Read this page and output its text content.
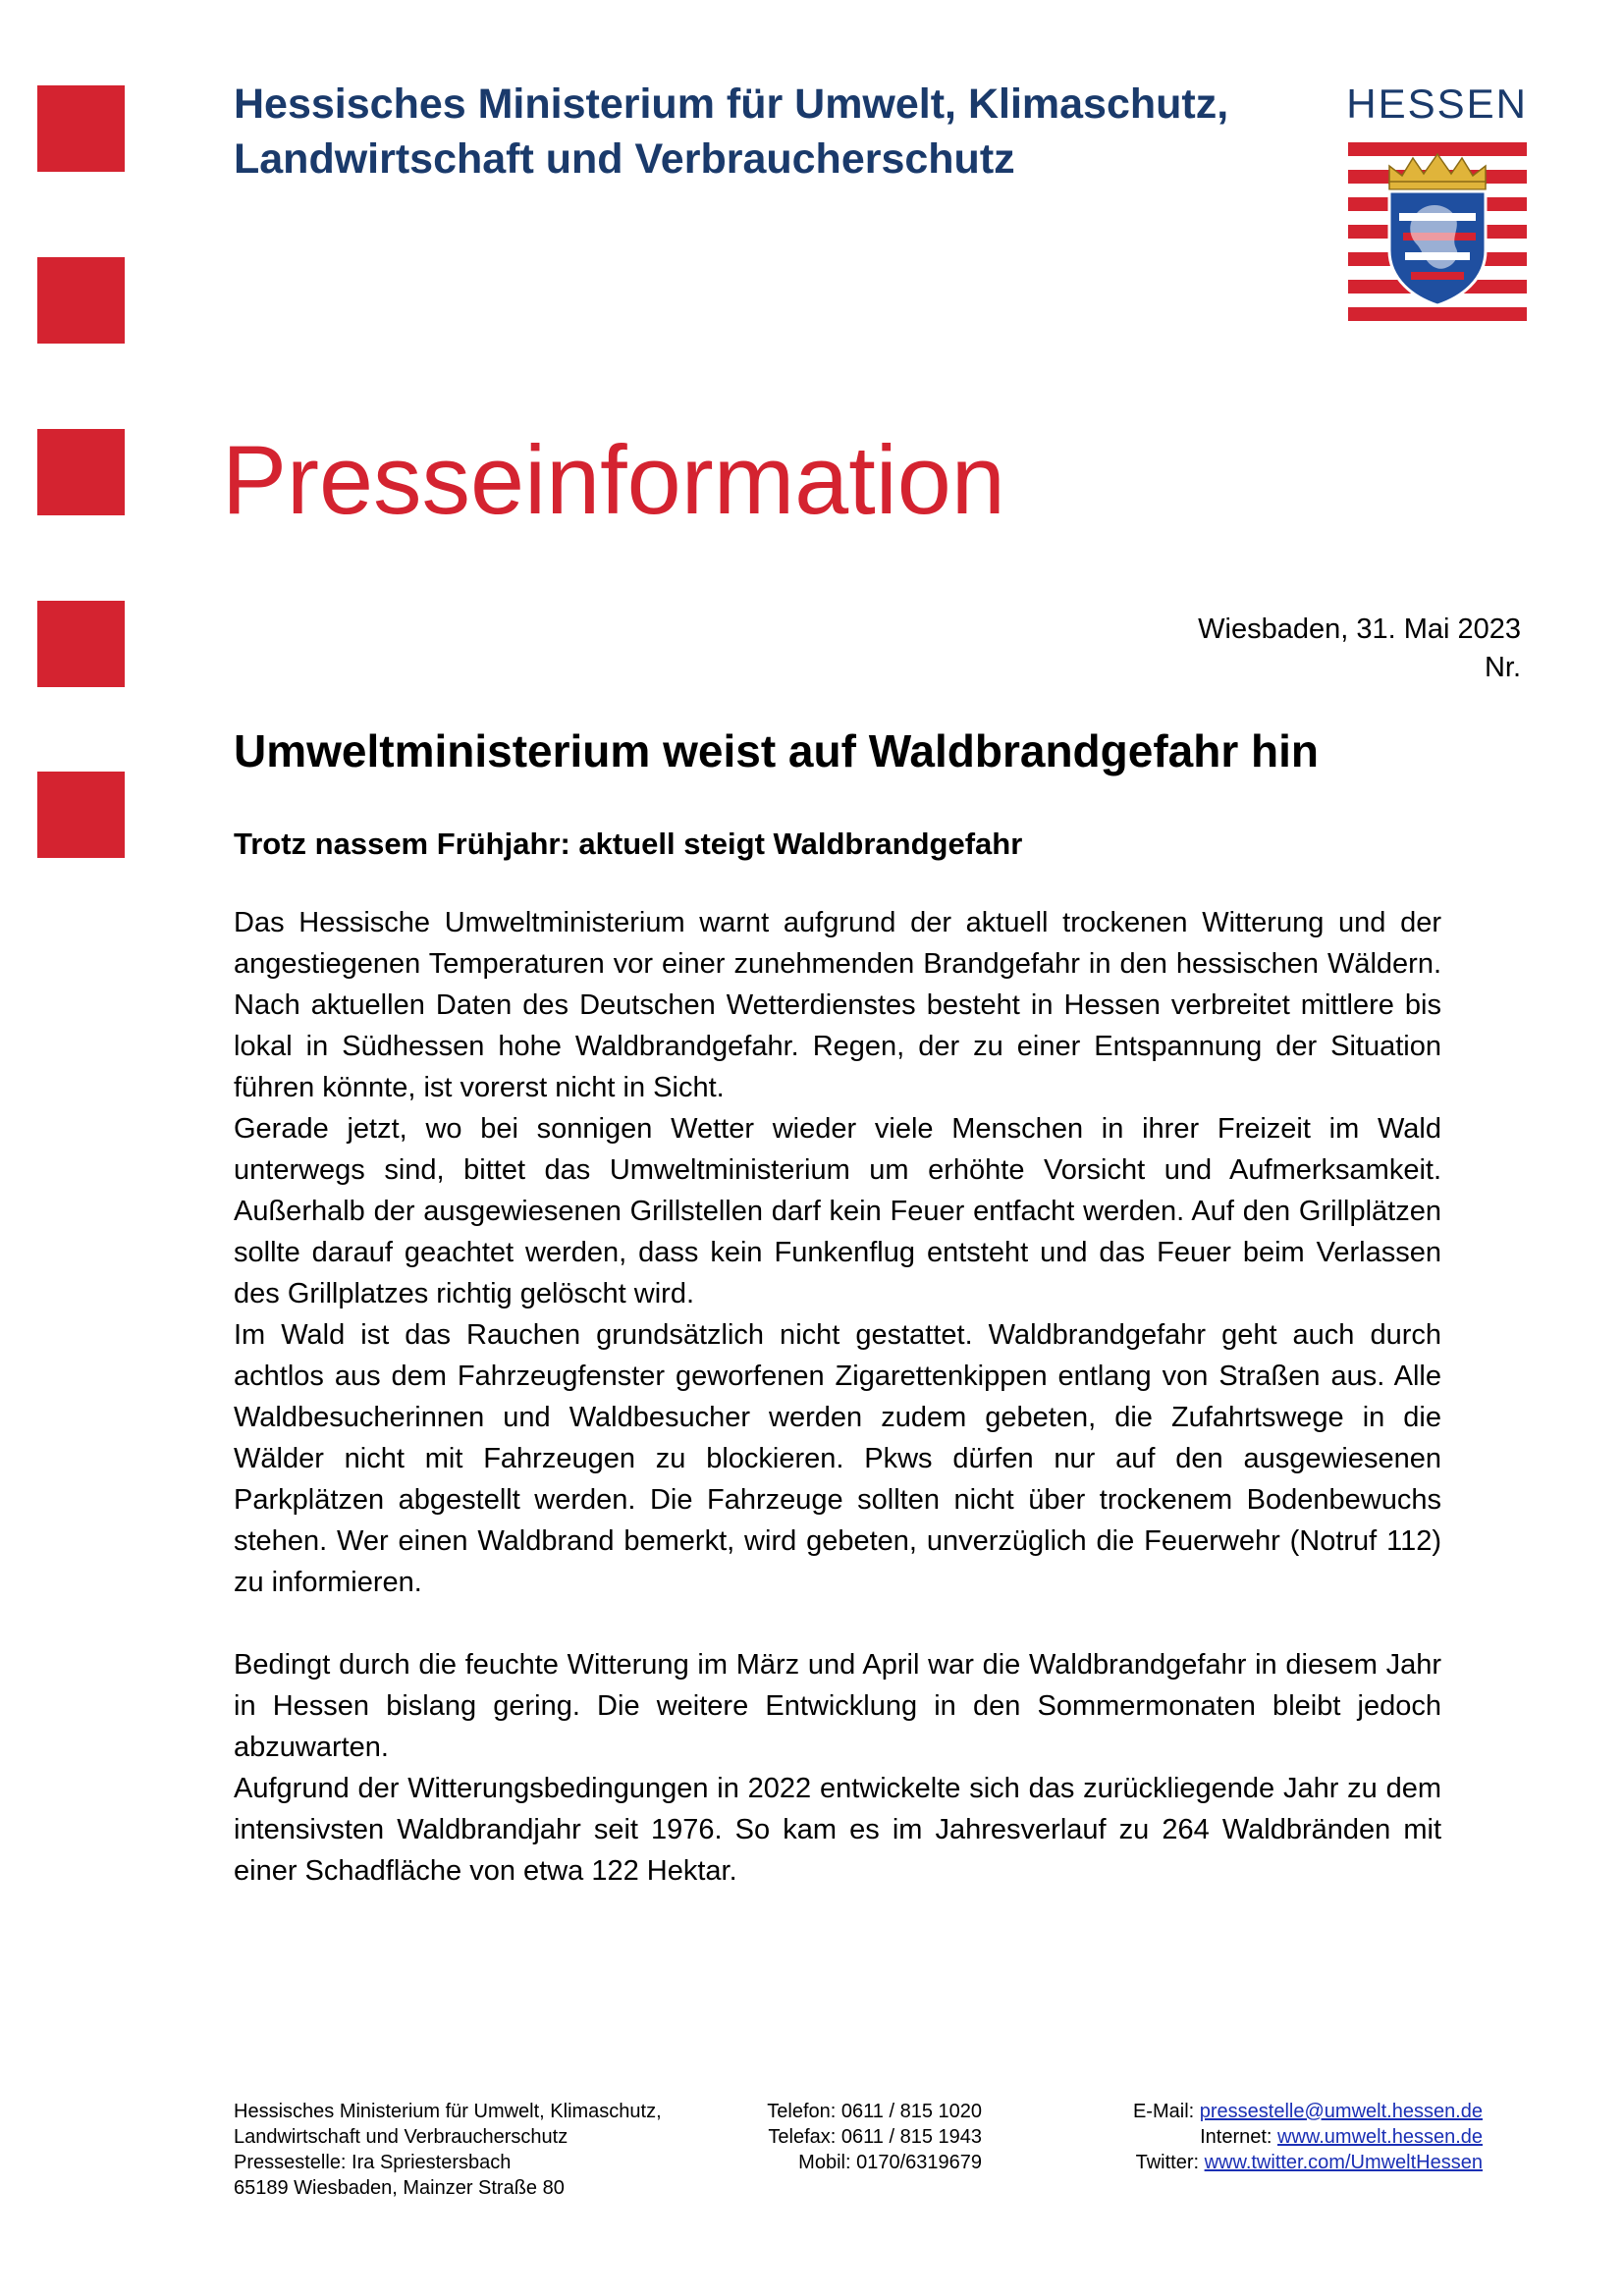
Hessisches Ministerium für Umwelt, Klimaschutz,
Landwirtschaft und Verbraucherschutz
HESSEN
Presseinformation
Wiesbaden, 31. Mai 2023
Nr.
Umweltministerium weist auf Waldbrandgefahr hin
Trotz nassem Frühjahr: aktuell steigt Waldbrandgefahr

Das Hessische Umweltministerium warnt aufgrund der aktuell trockenen Witterung und der angestiegenen Temperaturen vor einer zunehmenden Brandgefahr in den hessischen Wäldern. Nach aktuellen Daten des Deutschen Wetterdienstes besteht in Hessen verbreitet mittlere bis lokal in Südhessen hohe Waldbrandgefahr. Regen, der zu einer Entspannung der Situation führen könnte, ist vorerst nicht in Sicht.

Gerade jetzt, wo bei sonnigen Wetter wieder viele Menschen in ihrer Freizeit im Wald unterwegs sind, bittet das Umweltministerium um erhöhte Vorsicht und Aufmerksamkeit. Außerhalb der ausgewiesenen Grillstellen darf kein Feuer entfacht werden. Auf den Grillplätzen sollte darauf geachtet werden, dass kein Funkenflug entsteht und das Feuer beim Verlassen des Grillplatzes richtig gelöscht wird.

Im Wald ist das Rauchen grundsätzlich nicht gestattet. Waldbrandgefahr geht auch durch achtlos aus dem Fahrzeugfenster geworfenen Zigarettenkippen entlang von Straßen aus. Alle Waldbesucherinnen und Waldbesucher werden zudem gebeten, die Zufahrtswege in die Wälder nicht mit Fahrzeugen zu blockieren. Pkws dürfen nur auf den ausgewiesenen Parkplätzen abgestellt werden. Die Fahrzeuge sollten nicht über trockenem Bodenbewuchs stehen. Wer einen Waldbrand bemerkt, wird gebeten, unverzüglich die Feuerwehr (Notruf 112) zu informieren.

Bedingt durch die feuchte Witterung im März und April war die Waldbrandgefahr in diesem Jahr in Hessen bislang gering. Die weitere Entwicklung in den Sommermonaten bleibt jedoch abzuwarten.

Aufgrund der Witterungsbedingungen in 2022 entwickelte sich das zurückliegende Jahr zu dem intensivsten Waldbrandjahr seit 1976. So kam es im Jahresverlauf zu 264 Waldbränden mit einer Schadfläche von etwa 122 Hektar.

Hessisches Ministerium für Umwelt, Klimaschutz,
Landwirtschaft und Verbraucherschutz
Pressestelle: Ira Spriestersbach
65189 Wiesbaden, Mainzer Straße 80
Telefon: 0611 / 815 1020
Telefax: 0611 / 815 1943
Mobil: 0170/6319679
E-Mail: pressestelle@umwelt.hessen.de
Internet: www.umwelt.hessen.de
Twitter: www.twitter.com/UmweltHessen
